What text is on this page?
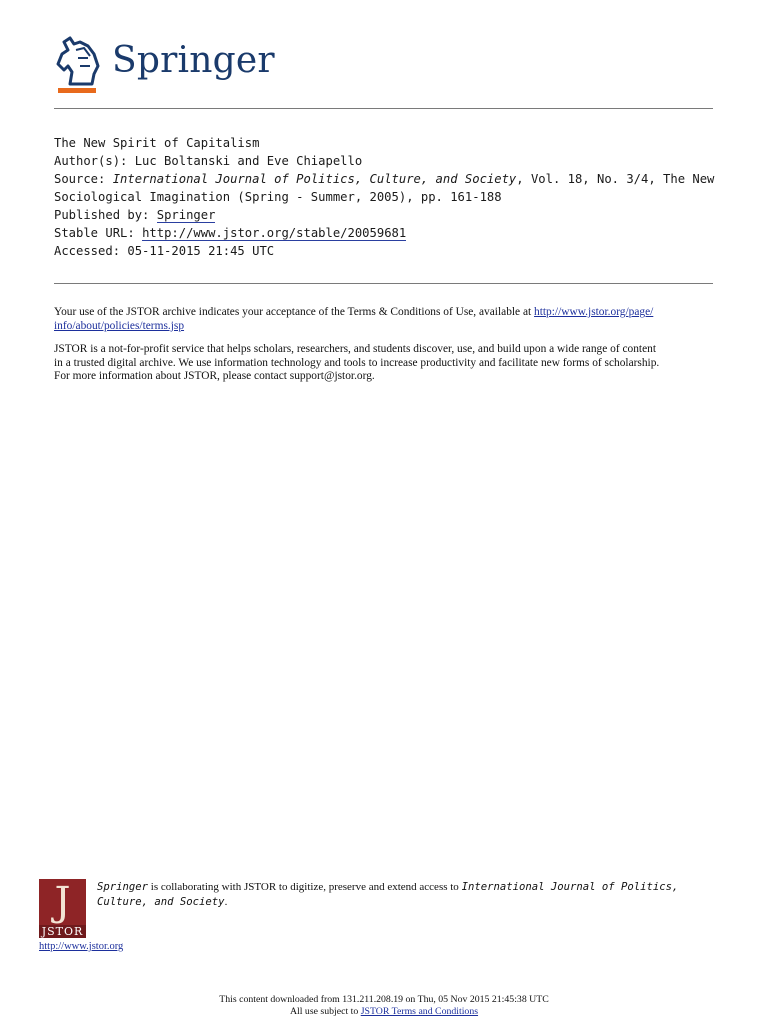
Springer
The New Spirit of Capitalism
Author(s): Luc Boltanski and Eve Chiapello
Source: International Journal of Politics, Culture, and Society, Vol. 18, No. 3/4, The New
Sociological Imagination (Spring - Summer, 2005), pp. 161-188
Published by: Springer
Stable URL: http://www.jstor.org/stable/20059681
Accessed: 05-11-2015 21:45 UTC

Your use of the JSTOR archive indicates your acceptance of the Terms & Conditions of Use, available at http://www.jstor.org/page/
info/about/policies/terms.jsp

JSTOR is a not-for-profit service that helps scholars, researchers, and students discover, use, and build upon a wide range of content
in a trusted digital archive. We use information technology and tools to increase productivity and facilitate new forms of scholarship.
For more information about JSTOR, please contact support@jstor.org.

J
JSTOR
http://www.jstor.org
Springer is collaborating with JSTOR to digitize, preserve and extend access to International Journal of Politics, Culture, and Society.
This content downloaded from 131.211.208.19 on Thu, 05 Nov 2015 21:45:38 UTC
All use subject to JSTOR Terms and Conditions
